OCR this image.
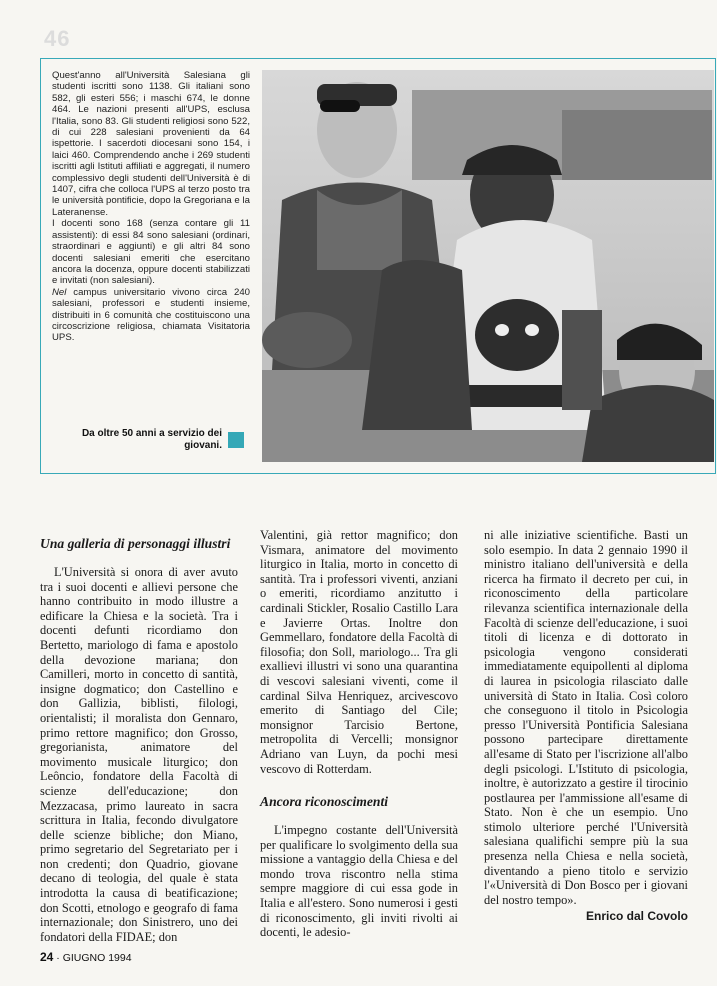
46

Quest'anno all'Università Salesiana gli studenti iscritti sono 1138. Gli italiani sono 582, gli esteri 556; i maschi 674, le donne 464. Le nazioni presenti all'UPS, esclusa l'Italia, sono 83. Gli studenti religiosi sono 522, di cui 228 salesiani provenienti da 64 ispettorie. I sacerdoti diocesani sono 154, i laici 460. Comprendendo anche i 269 studenti iscritti agli Istituti affiliati e aggregati, il numero complessivo degli studenti dell'Università è di 1407, cifra che colloca l'UPS al terzo posto tra le università pontificie, dopo la Gregoriana e la Lateranense.

I docenti sono 168 (senza contare gli 11 assistenti): di essi 84 sono salesiani (ordinari, straordinari e aggiunti) e gli altri 84 sono docenti salesiani emeriti che esercitano ancora la docenza, oppure docenti stabilizzati e invitati (non salesiani).

Nel campus universitario vivono circa 240 salesiani, professori e studenti insieme, distribuiti in 6 comunità che costituiscono una circoscrizione religiosa, chiamata Visitatoria UPS.

Da oltre 50 anni a servizio dei giovani.
Una galleria di personaggi illustri

L'Università si onora di aver avuto tra i suoi docenti e allievi persone che hanno contribuito in modo illustre a edificare la Chiesa e la società. Tra i docenti defunti ricordiamo don Bertetto, mariologo di fama e apostolo della devozione mariana; don Camilleri, morto in concetto di santità, insigne dogmatico; don Castellino e don Gallizia, biblisti, filologi, orientalisti; il moralista don Gennaro, primo rettore magnifico; don Grosso, gregorianista, animatore del movimento musicale liturgico; don Leôncio, fondatore della Facoltà di scienze dell'educazione; don Mezzacasa, primo laureato in sacra scrittura in Italia, fecondo divulgatore delle scienze bibliche; don Miano, primo segretario del Segretariato per i non credenti; don Quadrio, giovane decano di teologia, del quale è stata introdotta la causa di beatificazione; don Scotti, etnologo e geografo di fama internazionale; don Sinistrero, uno dei fondatori della FIDAE; don

Valentini, già rettor magnifico; don Vismara, animatore del movimento liturgico in Italia, morto in concetto di santità. Tra i professori viventi, anziani o emeriti, ricordiamo anzitutto i cardinali Stickler, Rosalio Castillo Lara e Javierre Ortas. Inoltre don Gemmellaro, fondatore della Facoltà di filosofia; don Soll, mariologo... Tra gli exallievi illustri vi sono una quarantina di vescovi salesiani viventi, come il cardinal Silva Henriquez, arcivescovo emerito di Santiago del Cile; monsignor Tarcisio Bertone, metropolita di Vercelli; monsignor Adriano van Luyn, da pochi mesi vescovo di Rotterdam.

Ancora riconoscimenti

L'impegno costante dell'Università per qualificare lo svolgimento della sua missione a vantaggio della Chiesa e del mondo trova riscontro nella stima sempre maggiore di cui essa gode in Italia e all'estero. Sono numerosi i gesti di riconoscimento, gli inviti rivolti ai docenti, le adesio-

ni alle iniziative scientifiche. Basti un solo esempio. In data 2 gennaio 1990 il ministro italiano dell'università e della ricerca ha firmato il decreto per cui, in riconoscimento della particolare rilevanza scientifica internazionale della Facoltà di scienze dell'educazione, i suoi titoli di licenza e di dottorato in psicologia vengono considerati immediatamente equipollenti al diploma di laurea in psicologia rilasciato dalle università di Stato in Italia. Così coloro che conseguono il titolo in Psicologia presso l'Università Pontificia Salesiana possono partecipare direttamente all'esame di Stato per l'iscrizione all'albo degli psicologi. L'Istituto di psicologia, inoltre, è autorizzato a gestire il tirocinio postlaurea per l'ammissione all'esame di Stato. Non è che un esempio. Uno stimolo ulteriore perché l'Università salesiana qualifichi sempre più la sua presenza nella Chiesa e nella società, diventando a pieno titolo e servizio l'«Università di Don Bosco per i giovani del nostro tempo».

Enrico dal Covolo
24 · GIUGNO 1994
